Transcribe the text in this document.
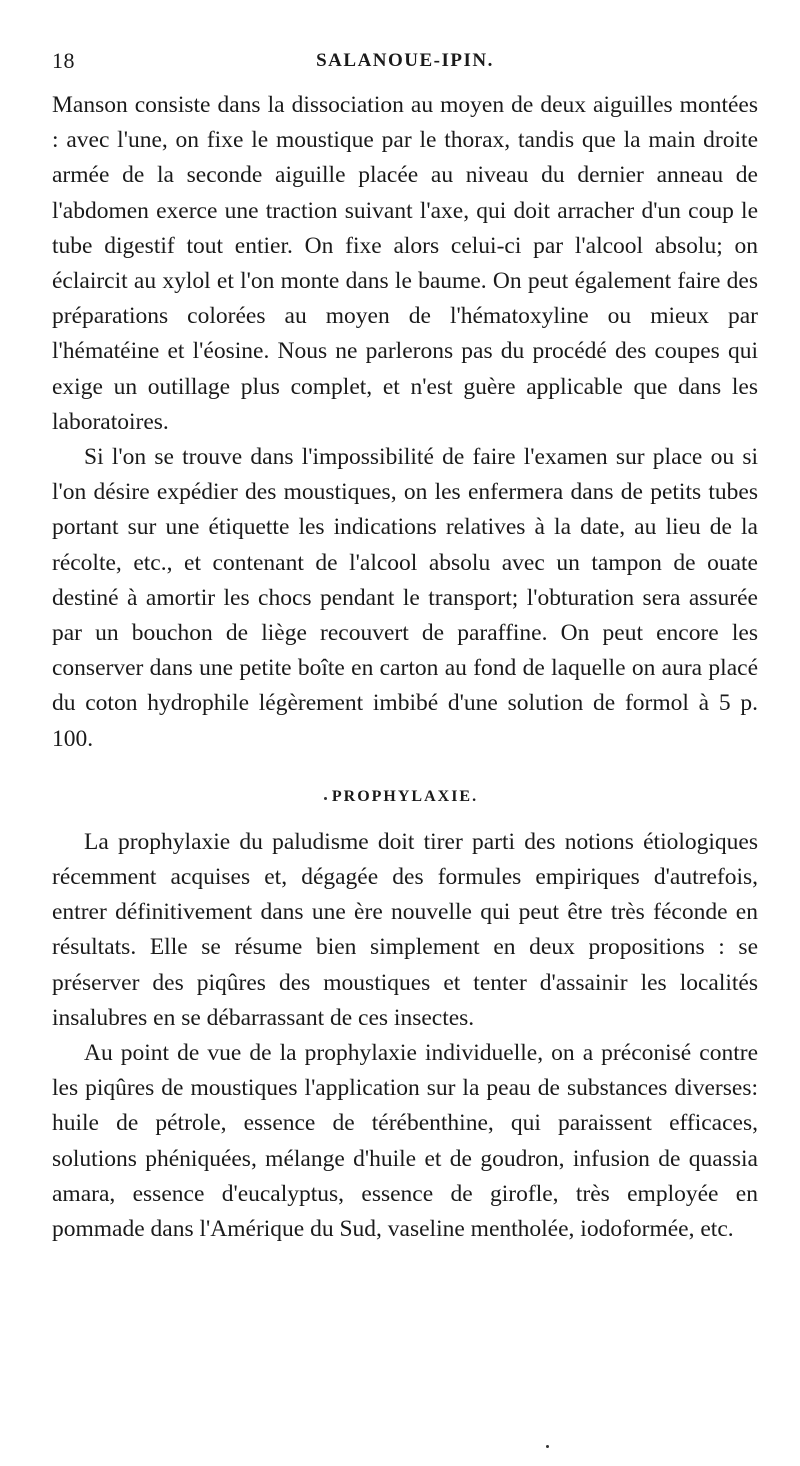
18	SALANOUE-IPIN.

Manson consiste dans la dissociation au moyen de deux aiguilles montées : avec l'une, on fixe le moustique par le thorax, tandis que la main droite armée de la seconde aiguille placée au niveau du dernier anneau de l'abdomen exerce une traction suivant l'axe, qui doit arracher d'un coup le tube digestif tout entier. On fixe alors celui-ci par l'alcool absolu; on éclaircit au xylol et l'on monte dans le baume. On peut également faire des préparations colorées au moyen de l'hématoxyline ou mieux par l'hématéine et l'éosine. Nous ne parlerons pas du procédé des coupes qui exige un outillage plus complet, et n'est guère applicable que dans les laboratoires.

Si l'on se trouve dans l'impossibilité de faire l'examen sur place ou si l'on désire expédier des moustiques, on les enfermera dans de petits tubes portant sur une étiquette les indications relatives à la date, au lieu de la récolte, etc., et contenant de l'alcool absolu avec un tampon de ouate destiné à amortir les chocs pendant le transport; l'obturation sera assurée par un bouchon de liège recouvert de paraffine. On peut encore les conserver dans une petite boîte en carton au fond de laquelle on aura placé du coton hydrophile légèrement imbibé d'une solution de formol à 5 p. 100.

PROPHYLAXIE.

La prophylaxie du paludisme doit tirer parti des notions étiologiques récemment acquises et, dégagée des formules empiriques d'autrefois, entrer définitivement dans une ère nouvelle qui peut être très féconde en résultats. Elle se résume bien simplement en deux propositions : se préserver des piqûres des moustiques et tenter d'assainir les localités insalubres en se débarrassant de ces insectes.

Au point de vue de la prophylaxie individuelle, on a préconisé contre les piqûres de moustiques l'application sur la peau de substances diverses: huile de pétrole, essence de térébenthine, qui paraissent efficaces, solutions phéniquées, mélange d'huile et de goudron, infusion de quassia amara, essence d'eucalyptus, essence de girofle, très employée en pommade dans l'Amérique du Sud, vaseline mentholée, iodoformée, etc.
